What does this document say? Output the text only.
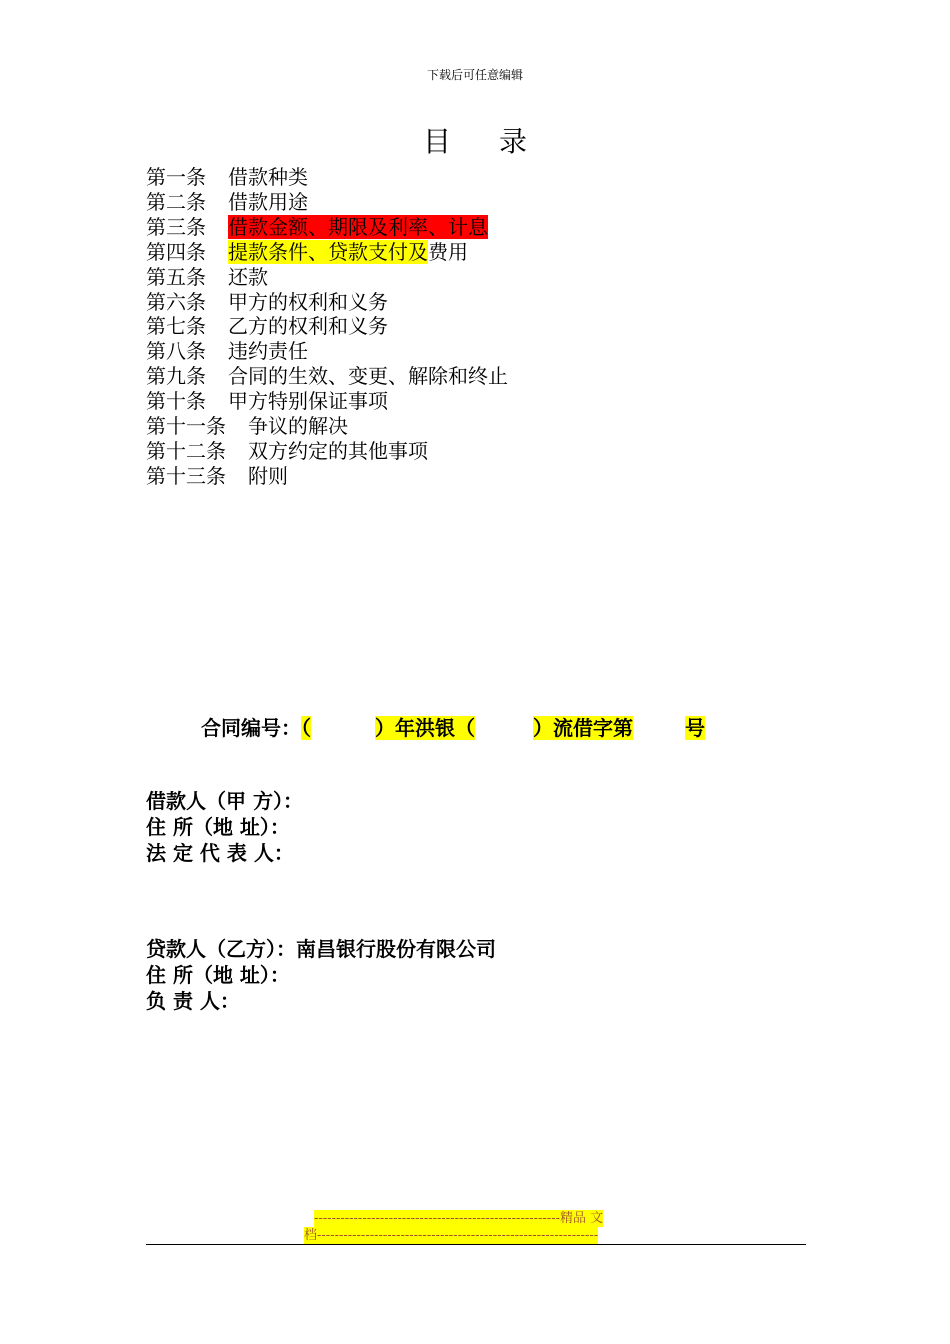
下载后可任意编辑
目录
第一条 借款种类
第二条 借款用途
第三条 借款金额、期限及利率、计息
第四条 提款条件、贷款支付及费用
第五条 还款
第六条 甲方的权利和义务
第七条 乙方的权利和义务
第八条 违约责任
第九条 合同的生效、变更、解除和终止
第十条 甲方特别保证事项
第十一条 争议的解决
第十二条 双方约定的其他事项
第十三条 附则
合同编号：（	）年洪银（	）流借字第	号
借款人（甲 方）：
住 所（地 址）：
法 定 代 表 人：
贷款人（乙方）：南昌银行股份有限公司
住 所（地 址）：
负 责 人：
--------------------------------------------------------精品 文
档----------------------------------------------------------------
